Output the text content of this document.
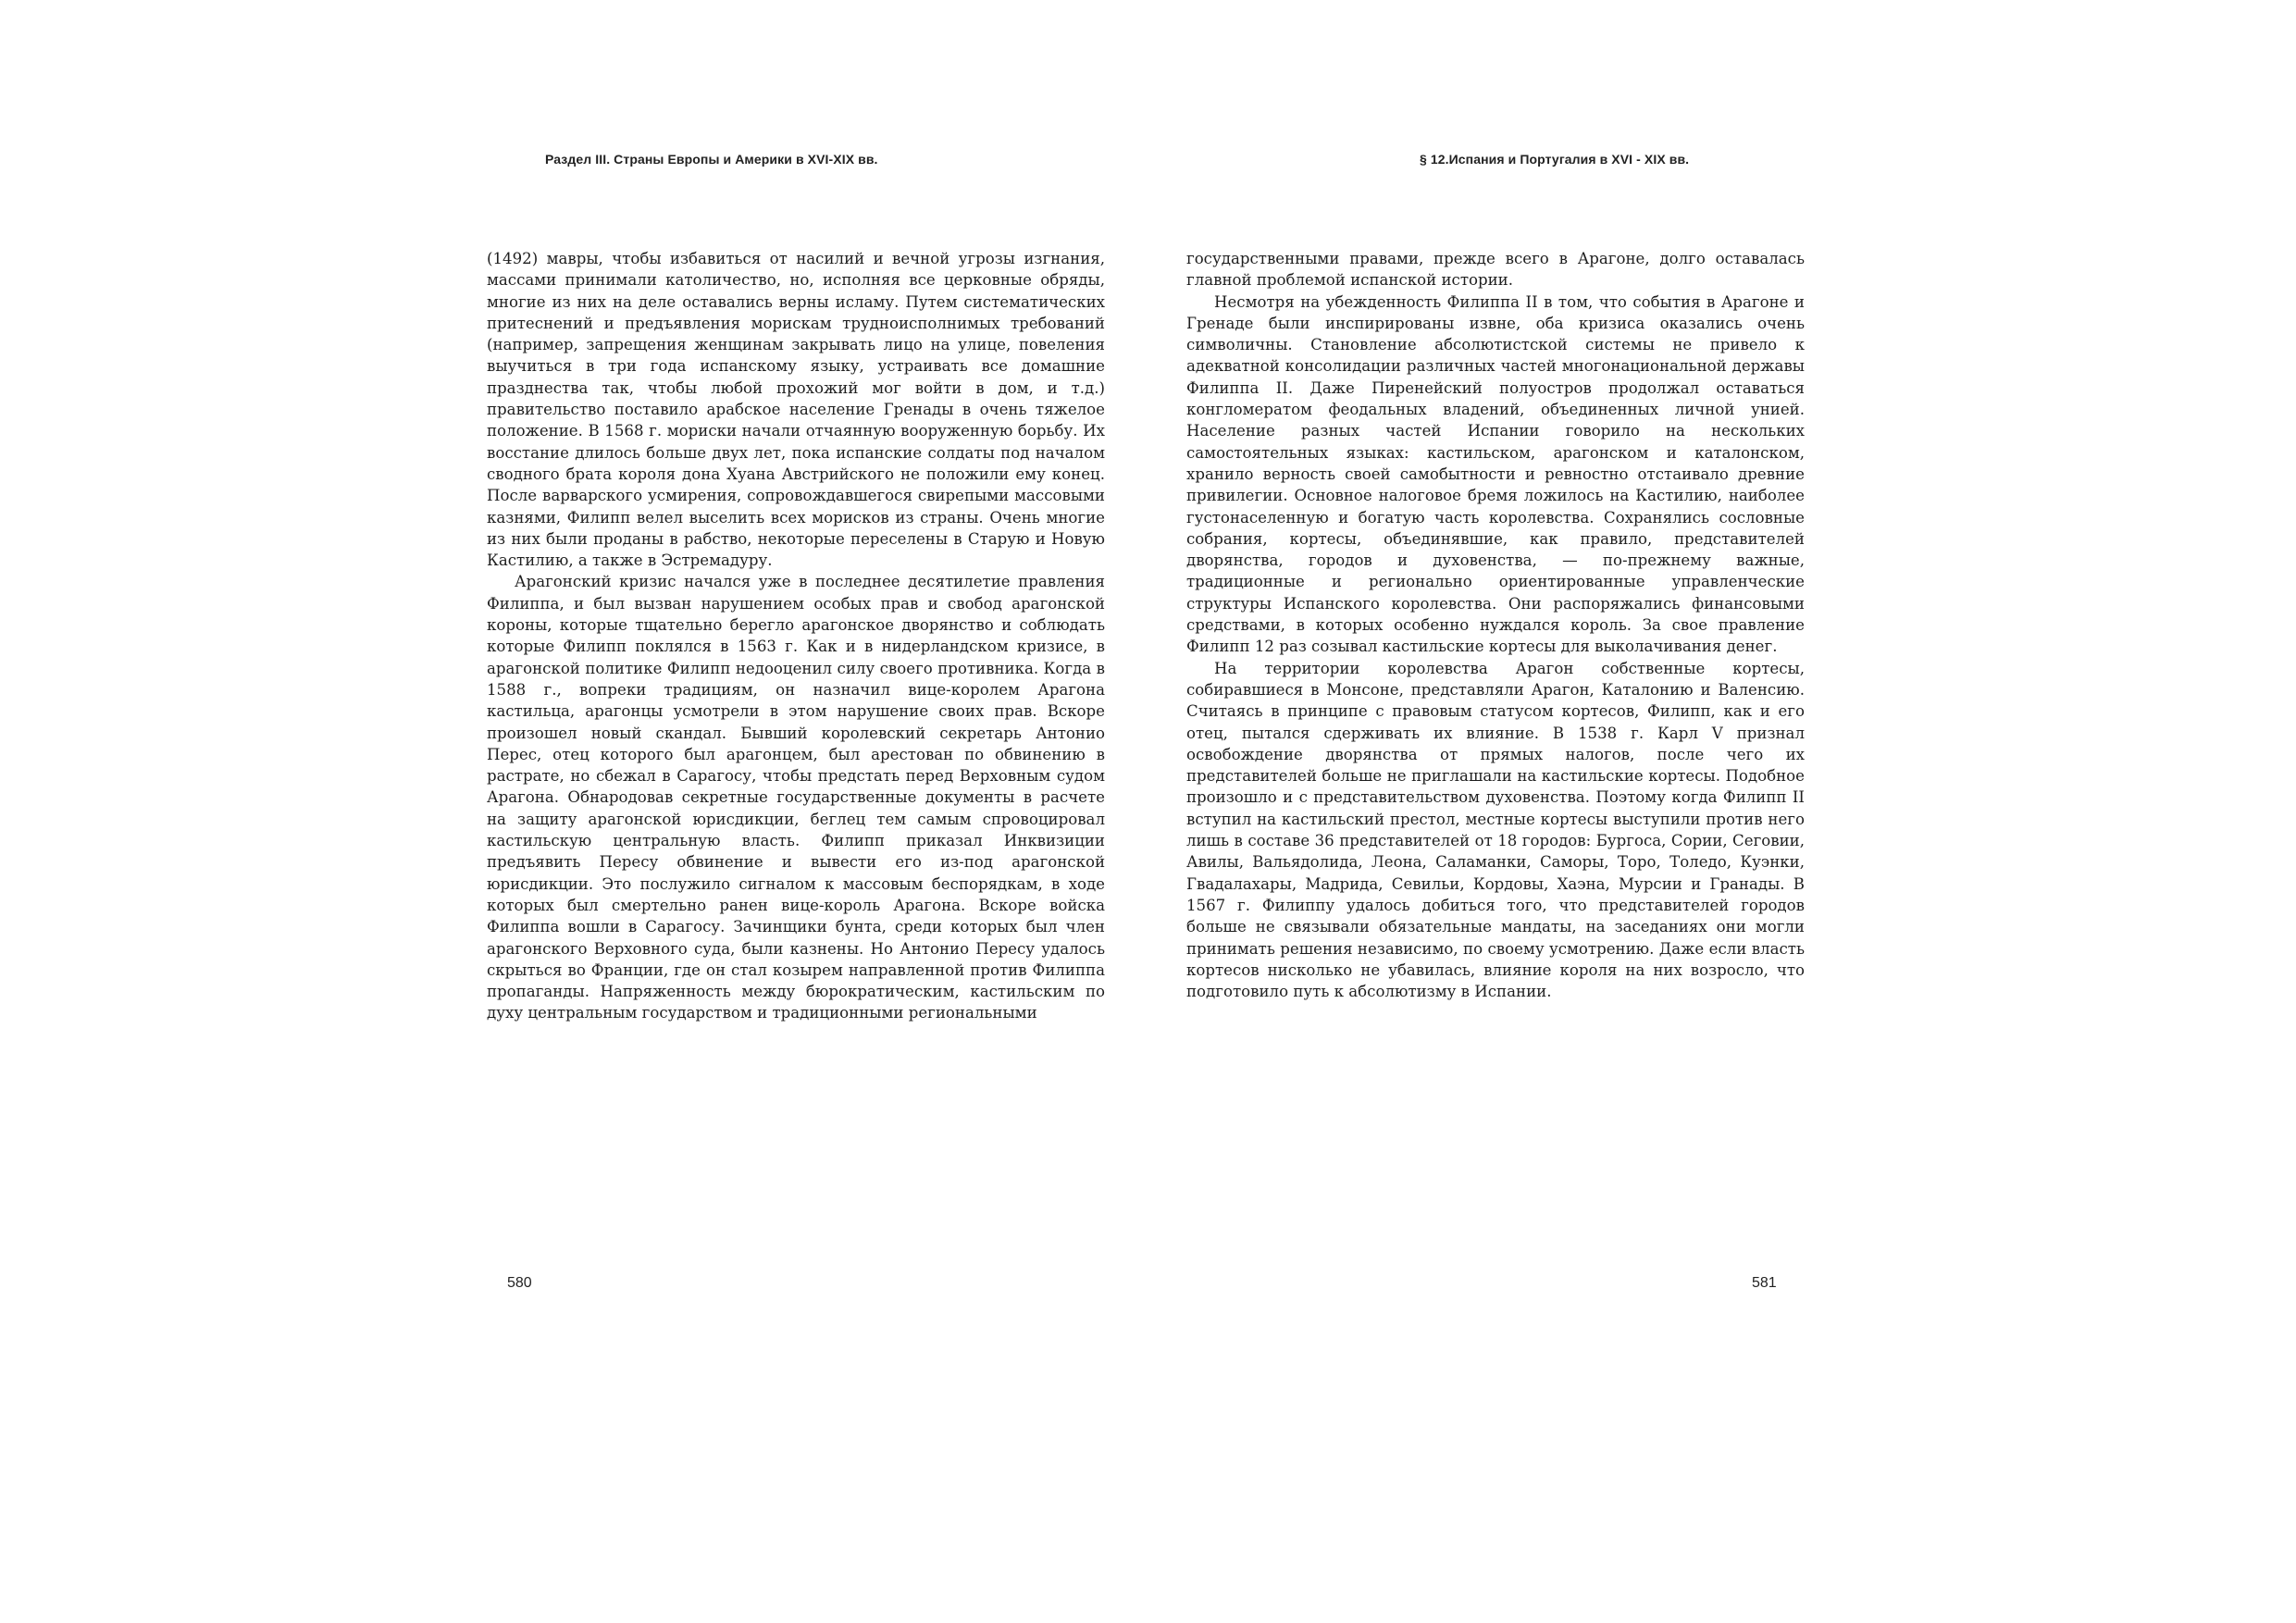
Раздел III. Страны Европы и Америки в XVI-XIX вв.

(1492) мавры, чтобы избавиться от насилий и вечной угрозы изгнания, массами принимали католичество, но, исполняя все церковные обряды, многие из них на деле оставались верны исламу. Путем систематических притеснений и предъявления морискам трудноисполнимых требований (например, запрещения женщинам закрывать лицо на улице, повеления выучиться в три года испанскому языку, устраивать все домашние празднества так, чтобы любой прохожий мог войти в дом, и т.д.) правительство поставило арабское население Гренады в очень тяжелое положение. В 1568 г. мориски начали отчаянную вооруженную борьбу. Их восстание длилось больше двух лет, пока испанские солдаты под началом сводного брата короля дона Хуана Австрийского не положили ему конец. После варварского усмирения, сопровождавшегося свирепыми массовыми казнями, Филипп велел выселить всех морисков из страны. Очень многие из них были проданы в рабство, некоторые переселены в Старую и Новую Кастилию, а также в Эстремадуру.

Арагонский кризис начался уже в последнее десятилетие правления Филиппа, и был вызван нарушением особых прав и свобод арагонской короны, которые тщательно берегло арагонское дворянство и соблюдать которые Филипп поклялся в 1563 г. Как и в нидерландском кризисе, в арагонской политике Филипп недооценил силу своего противника. Когда в 1588 г., вопреки традициям, он назначил вице-королем Арагона кастильца, арагонцы усмотрели в этом нарушение своих прав. Вскоре произошел новый скандал. Бывший королевский секретарь Антонио Перес, отец которого был арагонцем, был арестован по обвинению в растрате, но сбежал в Сарагосу, чтобы предстать перед Верховным судом Арагона. Обнародовав секретные государственные документы в расчете на защиту арагонской юрисдикции, беглец тем самым спровоцировал кастильскую центральную власть. Филипп приказал Инквизиции предъявить Пересу обвинение и вывести его из-под арагонской юрисдикции. Это послужило сигналом к массовым беспорядкам, в ходе которых был смертельно ранен вице-король Арагона. Вскоре войска Филиппа вошли в Сарагосу. Зачинщики бунта, среди которых был член арагонского Верховного суда, были казнены. Но Антонио Пересу удалось скрыться во Франции, где он стал козырем направленной против Филиппа пропаганды. Напряженность между бюрократическим, кастильским по духу центральным государством и традиционными региональными

580
§ 12.Испания и Португалия в XVI - XIX вв.

государственными правами, прежде всего в Арагоне, долго оставалась главной проблемой испанской истории.

Несмотря на убежденность Филиппа II в том, что события в Арагоне и Гренаде были инспирированы извне, оба кризиса оказались очень символичны. Становление абсолютистской системы не привело к адекватной консолидации различных частей многонациональной державы Филиппа II. Даже Пиренейский полуостров продолжал оставаться конгломератом феодальных владений, объединенных личной унией. Население разных частей Испании говорило на нескольких самостоятельных языках: кастильском, арагонском и каталонском, хранило верность своей самобытности и ревностно отстаивало древние привилегии. Основное налоговое бремя ложилось на Кастилию, наиболее густонаселенную и богатую часть королевства. Сохранялись сословные собрания, кортесы, объединявшие, как правило, представителей дворянства, городов и духовенства, — по-прежнему важные, традиционные и регионально ориентированные управленческие структуры Испанского королевства. Они распоряжались финансовыми средствами, в которых особенно нуждался король. За свое правление Филипп 12 раз созывал кастильские кортесы для выколачивания денег.

На территории королевства Арагон собственные кортесы, собиравшиеся в Монсоне, представляли Арагон, Каталонию и Валенсию. Считаясь в принципе с правовым статусом кортесов, Филипп, как и его отец, пытался сдерживать их влияние. В 1538 г. Карл V признал освобождение дворянства от прямых налогов, после чего их представителей больше не приглашали на кастильские кортесы. Подобное произошло и с представительством духовенства. Поэтому когда Филипп II вступил на кастильский престол, местные кортесы выступили против него лишь в составе 36 представителей от 18 городов: Бургоса, Сории, Сеговии, Авилы, Вальядолида, Леона, Саламанки, Саморы, Торо, Толедо, Куэнки, Гвадалахары, Мадрида, Севильи, Кордовы, Хаэна, Мурсии и Гранады. В 1567 г. Филиппу удалось добиться того, что представителей городов больше не связывали обязательные мандаты, на заседаниях они могли принимать решения независимо, по своему усмотрению. Даже если власть кортесов нисколько не убавилась, влияние короля на них возросло, что подготовило путь к абсолютизму в Испании.

581
